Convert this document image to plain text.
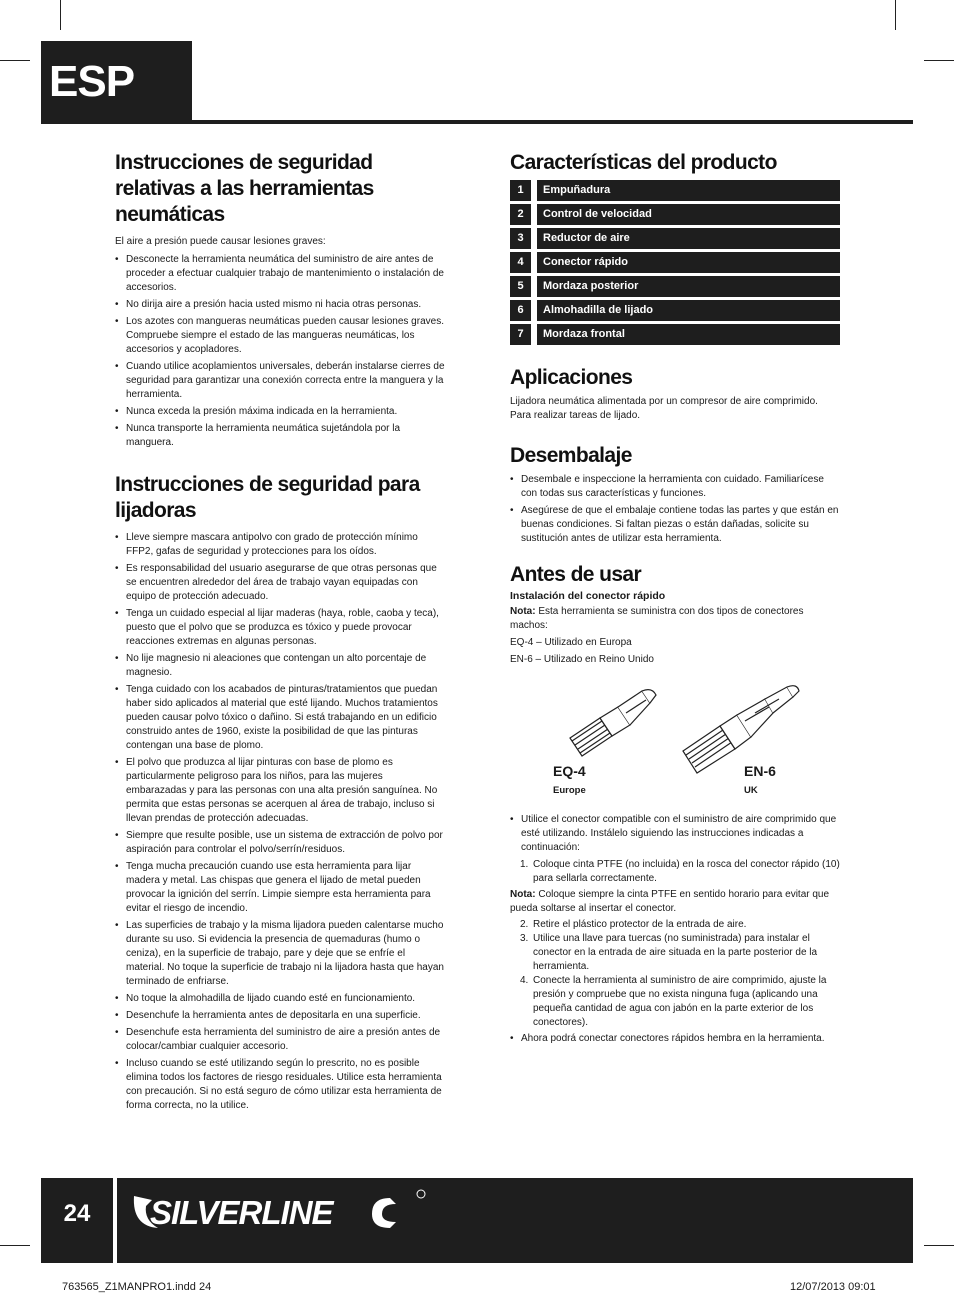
ESP
Instrucciones de seguridad relativas a las herramientas neumáticas

El aire a presión puede causar lesiones graves:

• Desconecte la herramienta neumática del suministro de aire antes de proceder a efectuar cualquier trabajo de mantenimiento o instalación de accesorios.
• No dirija aire a presión hacia usted mismo ni hacia otras personas.
• Los azotes con mangueras neumáticas pueden causar lesiones graves. Compruebe siempre el estado de las mangueras neumáticas, los accesorios y acopladores.
• Cuando utilice acoplamientos universales, deberán instalarse cierres de seguridad para garantizar una conexión correcta entre la manguera y la herramienta.
• Nunca exceda la presión máxima indicada en la herramienta.
• Nunca transporte la herramienta neumática sujetándola por la manguera.
Instrucciones de seguridad para lijadoras
• Lleve siempre mascara antipolvo con grado de protección mínimo FFP2, gafas de seguridad y protecciones para los oídos.
• Es responsabilidad del usuario asegurarse de que otras personas que se encuentren alrededor del área de trabajo vayan equipadas con equipo de protección adecuado.
• Tenga un cuidado especial al lijar maderas (haya, roble, caoba y teca), puesto que el polvo que se produzca es tóxico y puede provocar reacciones extremas en algunas personas.
• No lije magnesio ni aleaciones que contengan un alto porcentaje de magnesio.
• Tenga cuidado con los acabados de pinturas/tratamientos que puedan haber sido aplicados al material que esté lijando. Muchos tratamientos pueden causar polvo tóxico o dañino. Si está trabajando en un edificio construido antes de 1960, existe la posibilidad de que las pinturas contengan una base de plomo.
• El polvo que produzca al lijar pinturas con base de plomo es particularmente peligroso para los niños, para las mujeres embarazadas y para las personas con una alta presión sanguínea. No permita que estas personas se acerquen al área de trabajo, incluso si llevan prendas de protección adecuadas.
• Siempre que resulte posible, use un sistema de extracción de polvo por aspiración para controlar el polvo/serrín/residuos.
• Tenga mucha precaución cuando use esta herramienta para lijar madera y metal. Las chispas que genera el lijado de metal pueden provocar la ignición del serrín. Limpie siempre esta herramienta para evitar el riesgo de incendio.
• Las superficies de trabajo y la misma lijadora pueden calentarse mucho durante su uso. Si evidencia la presencia de quemaduras (humo o ceniza), en la superficie de trabajo, pare y deje que se enfríe el material. No toque la superficie de trabajo ni la lijadora hasta que hayan terminado de enfriarse.
• No toque la almohadilla de lijado cuando esté en funcionamiento.
• Desenchufe la herramienta antes de depositarla en una superficie.
• Desenchufe esta herramienta del suministro de aire a presión antes de colocar/cambiar cualquier accesorio.
• Incluso cuando se esté utilizando según lo prescrito, no es posible elimina todos los factores de riesgo residuales. Utilice esta herramienta con precaución. Si no está seguro de cómo utilizar esta herramienta de forma correcta, no la utilice.
Características del producto
1	Empuñadura
2	Control de velocidad
3	Reductor de aire
4	Conector rápido
5	Mordaza posterior
6	Almohadilla de lijado
7	Mordaza frontal
Aplicaciones

Lijadora neumática alimentada por un compresor de aire comprimido. Para realizar tareas de lijado.

Desembalaje
• Desembale e inspeccione la herramienta con cuidado. Familiarícese con todas sus características y funciones.
• Asegúrese de que el embalaje contiene todas las partes y que están en buenas condiciones. Si faltan piezas o están dañadas, solicite su sustitución antes de utilizar esta herramienta.
Antes de usar
Instalación del conector rápido

Nota: Esta herramienta se suministra con dos tipos de conectores machos:

EQ-4 – Utilizado en Europa

EN-6 – Utilizado en Reino Unido

EQ-4
Europe
EN-6
UK
• Utilice el conector compatible con el suministro de aire comprimido que esté utilizando. Instálelo siguiendo las instrucciones indicadas a continuación:
1. Coloque cinta PTFE (no incluida) en la rosca del conector rápido (10) para sellarla correctamente.

Nota: Coloque siempre la cinta PTFE en sentido horario para evitar que pueda soltarse al insertar el conector.

2. Retire el plástico protector de la entrada de aire.
3. Utilice una llave para tuercas (no suministrada) para instalar el conector en la entrada de aire situada en la parte posterior de la herramienta.
4. Conecte la herramienta al suministro de aire comprimido, ajuste la presión y compruebe que no exista ninguna fuga (aplicando una pequeña cantidad de agua con jabón en la parte exterior de los conectores).
• Ahora podrá conectar conectores rápidos hembra en la herramienta.
24	SILVERLINE
763565_Z1MANPRO1.indd 24	12/07/2013 09:01
